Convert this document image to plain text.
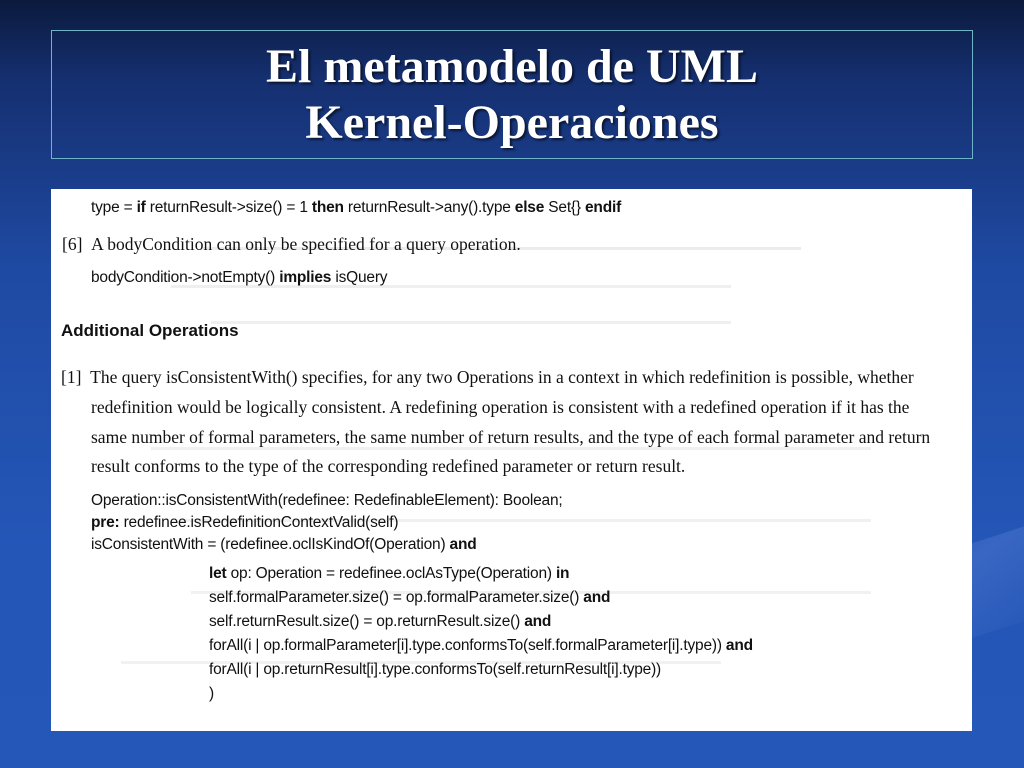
El metamodelo de UML
Kernel-Operaciones
type = if returnResult->size() = 1 then returnResult->any().type else Set{} endif
[6] A bodyCondition can only be specified for a query operation.
bodyCondition->notEmpty() implies isQuery
Additional Operations
[1] The query isConsistentWith() specifies, for any two Operations in a context in which redefinition is possible, whether
redefinition would be logically consistent. A redefining operation is consistent with a redefined operation if it has the
same number of formal parameters, the same number of return results, and the type of each formal parameter and return
result conforms to the type of the corresponding redefined parameter or return result.
Operation::isConsistentWith(redefinee: RedefinableElement): Boolean;
pre: redefinee.isRedefinitionContextValid(self)
isConsistentWith = (redefinee.oclIsKindOf(Operation) and
let op: Operation = redefinee.oclAsType(Operation) in
self.formalParameter.size() = op.formalParameter.size() and
self.returnResult.size() = op.returnResult.size() and
forAll(i | op.formalParameter[i].type.conformsTo(self.formalParameter[i].type)) and
forAll(i | op.returnResult[i].type.conformsTo(self.returnResult[i].type))
)
